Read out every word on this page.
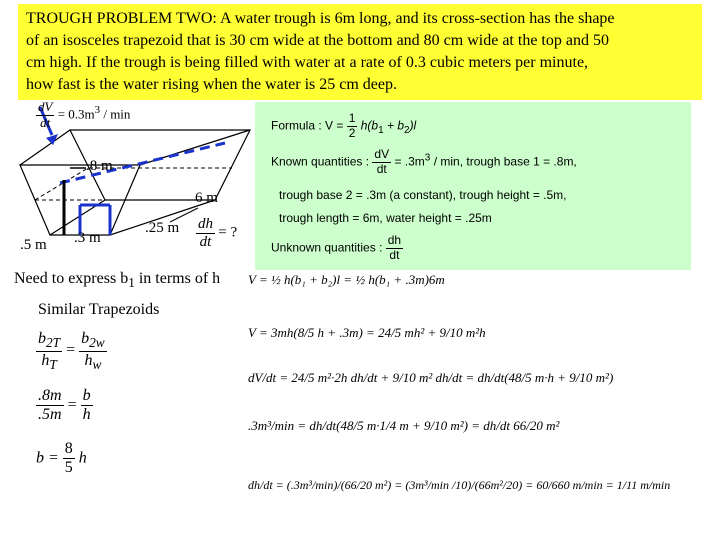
TROUGH PROBLEM TWO: A water trough is 6m long, and its cross-section has the shape

of an isosceles trapezoid that is 30 cm wide at the bottom and 80 cm wide at the top and 50

cm high. If the trough is being filled with water at a rate of 0.3 cubic meters per minute,

how fast is the water rising when the water is 25 cm deep.

$\frac{dV}{dt} = 0.3m^3 / \min$
.8 m
6 m
.25 m $\frac{dh}{dt}$ = ?
.5 m .3 m
Formula : $V = \frac{1}{2} h(b_1 + b_2)l$
Known quantities : $\frac{dV}{dt} = .3m^3 / \min$, trough base 1 = .8m,
trough base 2 = .3m (a constant), trough height = .5m,
trough length = 6m, water height = .25m
Unknown quantities : $\frac{dh}{dt}$
Need to express $b_1$ in terms of h
Similar Trapezoids
$\frac{b_{2T}}{h_T} = \frac{b_{2w}}{h_w}$
$\frac{.8m}{.5m} = \frac{b}{h}$
$b = \frac{8}{5}$ h
V = ½ h(b₁ + b₂)l = ½ h(b₁ + .3m)6m
V = 3mh(8/5 h + .3m) = 24/5 mh² + 9/10 m²h
dV/dt = 24/5 m²·2h dh/dt + 9/10 m² dh/dt = dh/dt(48/5 m·h + 9/10 m²)
.3m³/min = dh/dt(48/5 m·1/4 m + 9/10 m²) = dh/dt 66/20 m²
dh/dt = (.3m³/min)/(66/20 m²) = (3m³/min /10)/(66m²/20) = 60/660 m/min = 1/11 m/min
